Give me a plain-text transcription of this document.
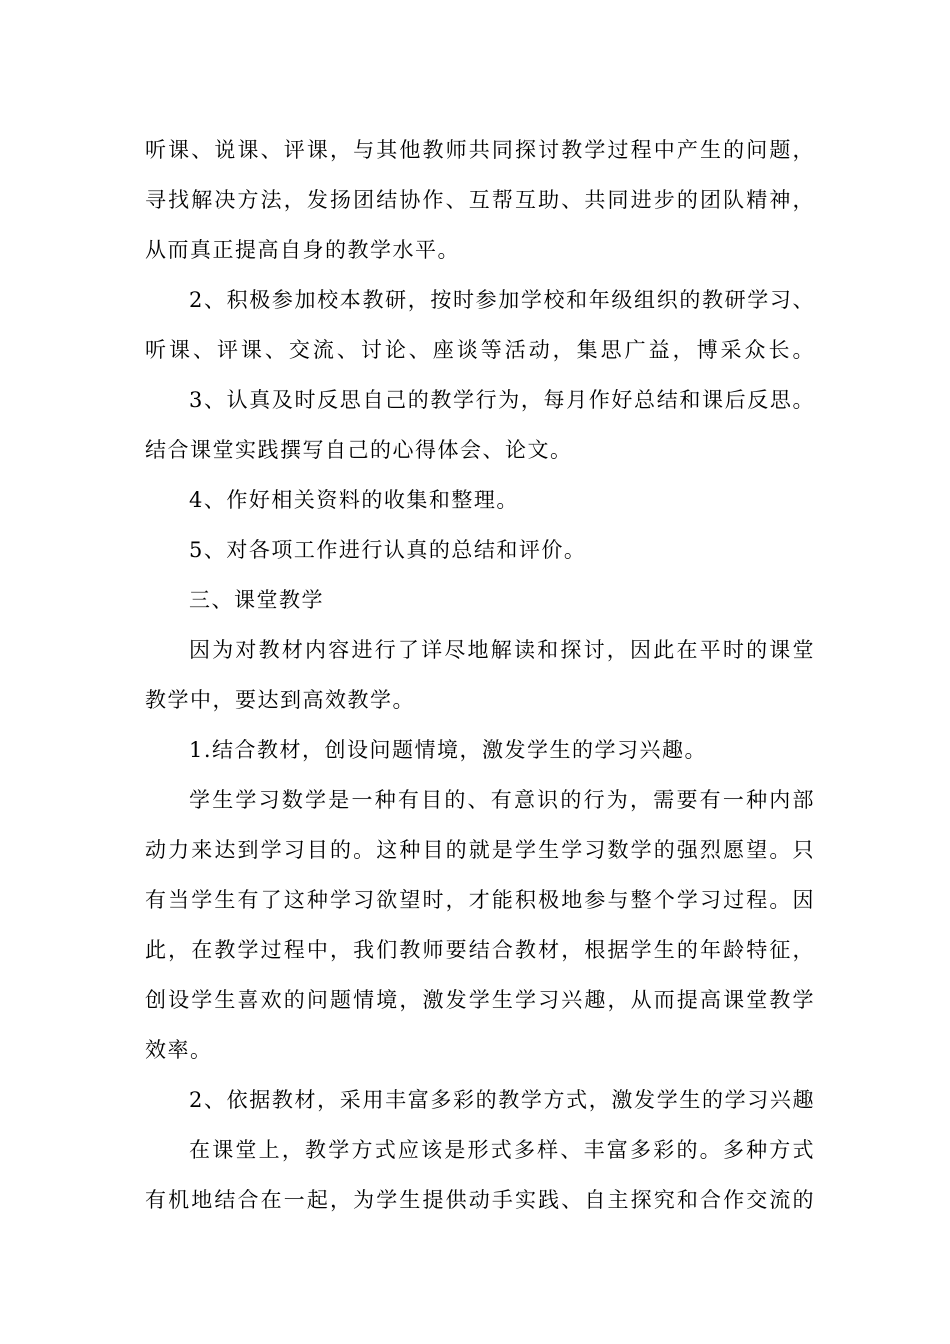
听课、说课、评课，与其他教师共同探讨教学过程中产生的问题，
寻找解决方法，发扬团结协作、互帮互助、共同进步的团队精神，
从而真正提高自身的教学水平。
2、积极参加校本教研，按时参加学校和年级组织的教研学习、
听课、评课、交流、讨论、座谈等活动，集思广益，博采众长。
3、认真及时反思自己的教学行为，每月作好总结和课后反思。
结合课堂实践撰写自己的心得体会、论文。
4、作好相关资料的收集和整理。
5、对各项工作进行认真的总结和评价。
三、课堂教学
因为对教材内容进行了详尽地解读和探讨，因此在平时的课堂
教学中，要达到高效教学。
1.结合教材，创设问题情境，激发学生的学习兴趣。
学生学习数学是一种有目的、有意识的行为，需要有一种内部
动力来达到学习目的。这种目的就是学生学习数学的强烈愿望。只
有当学生有了这种学习欲望时，才能积极地参与整个学习过程。因
此，在教学过程中，我们教师要结合教材，根据学生的年龄特征，
创设学生喜欢的问题情境，激发学生学习兴趣，从而提高课堂教学
效率。
2、依据教材，采用丰富多彩的教学方式，激发学生的学习兴趣
在课堂上，教学方式应该是形式多样、丰富多彩的。多种方式
有机地结合在一起，为学生提供动手实践、自主探究和合作交流的
